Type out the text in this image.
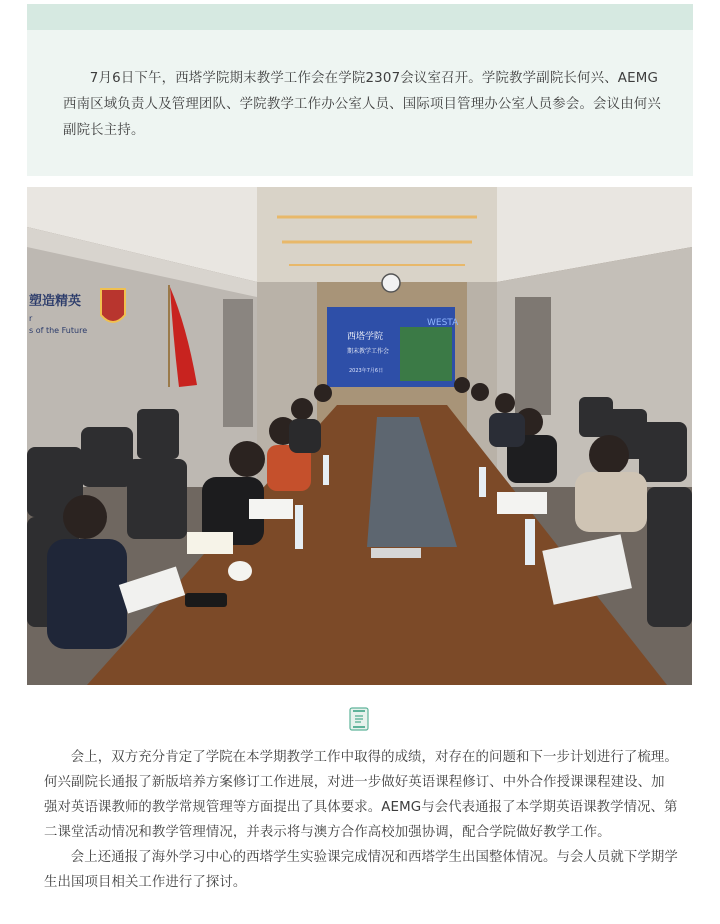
7月6日下午，西塔学院期末教学工作会在学院2307会议室召开。学院教学副院长何兴、AEMG西南区域负责人及管理团队、学院教学工作办公室人员、国际项目管理办公室人员参会。会议由何兴副院长主持。

西塔学院
期末教学工作会
WESTA
2023年7月6日
塑造精英
r
s of the Future

会上，双方充分肯定了学院在本学期教学工作中取得的成绩，对存在的问题和下一步计划进行了梳理。何兴副院长通报了新版培养方案修订工作进展，对进一步做好英语课程修订、中外合作授课课程建设、加强对英语课教师的教学常规管理等方面提出了具体要求。AEMG与会代表通报了本学期英语课教学情况、第二课堂活动情况和教学管理情况，并表示将与澳方合作高校加强协调，配合学院做好教学工作。

会上还通报了海外学习中心的西塔学生实验课完成情况和西塔学生出国整体情况。与会人员就下学期学生出国项目相关工作进行了探讨。
